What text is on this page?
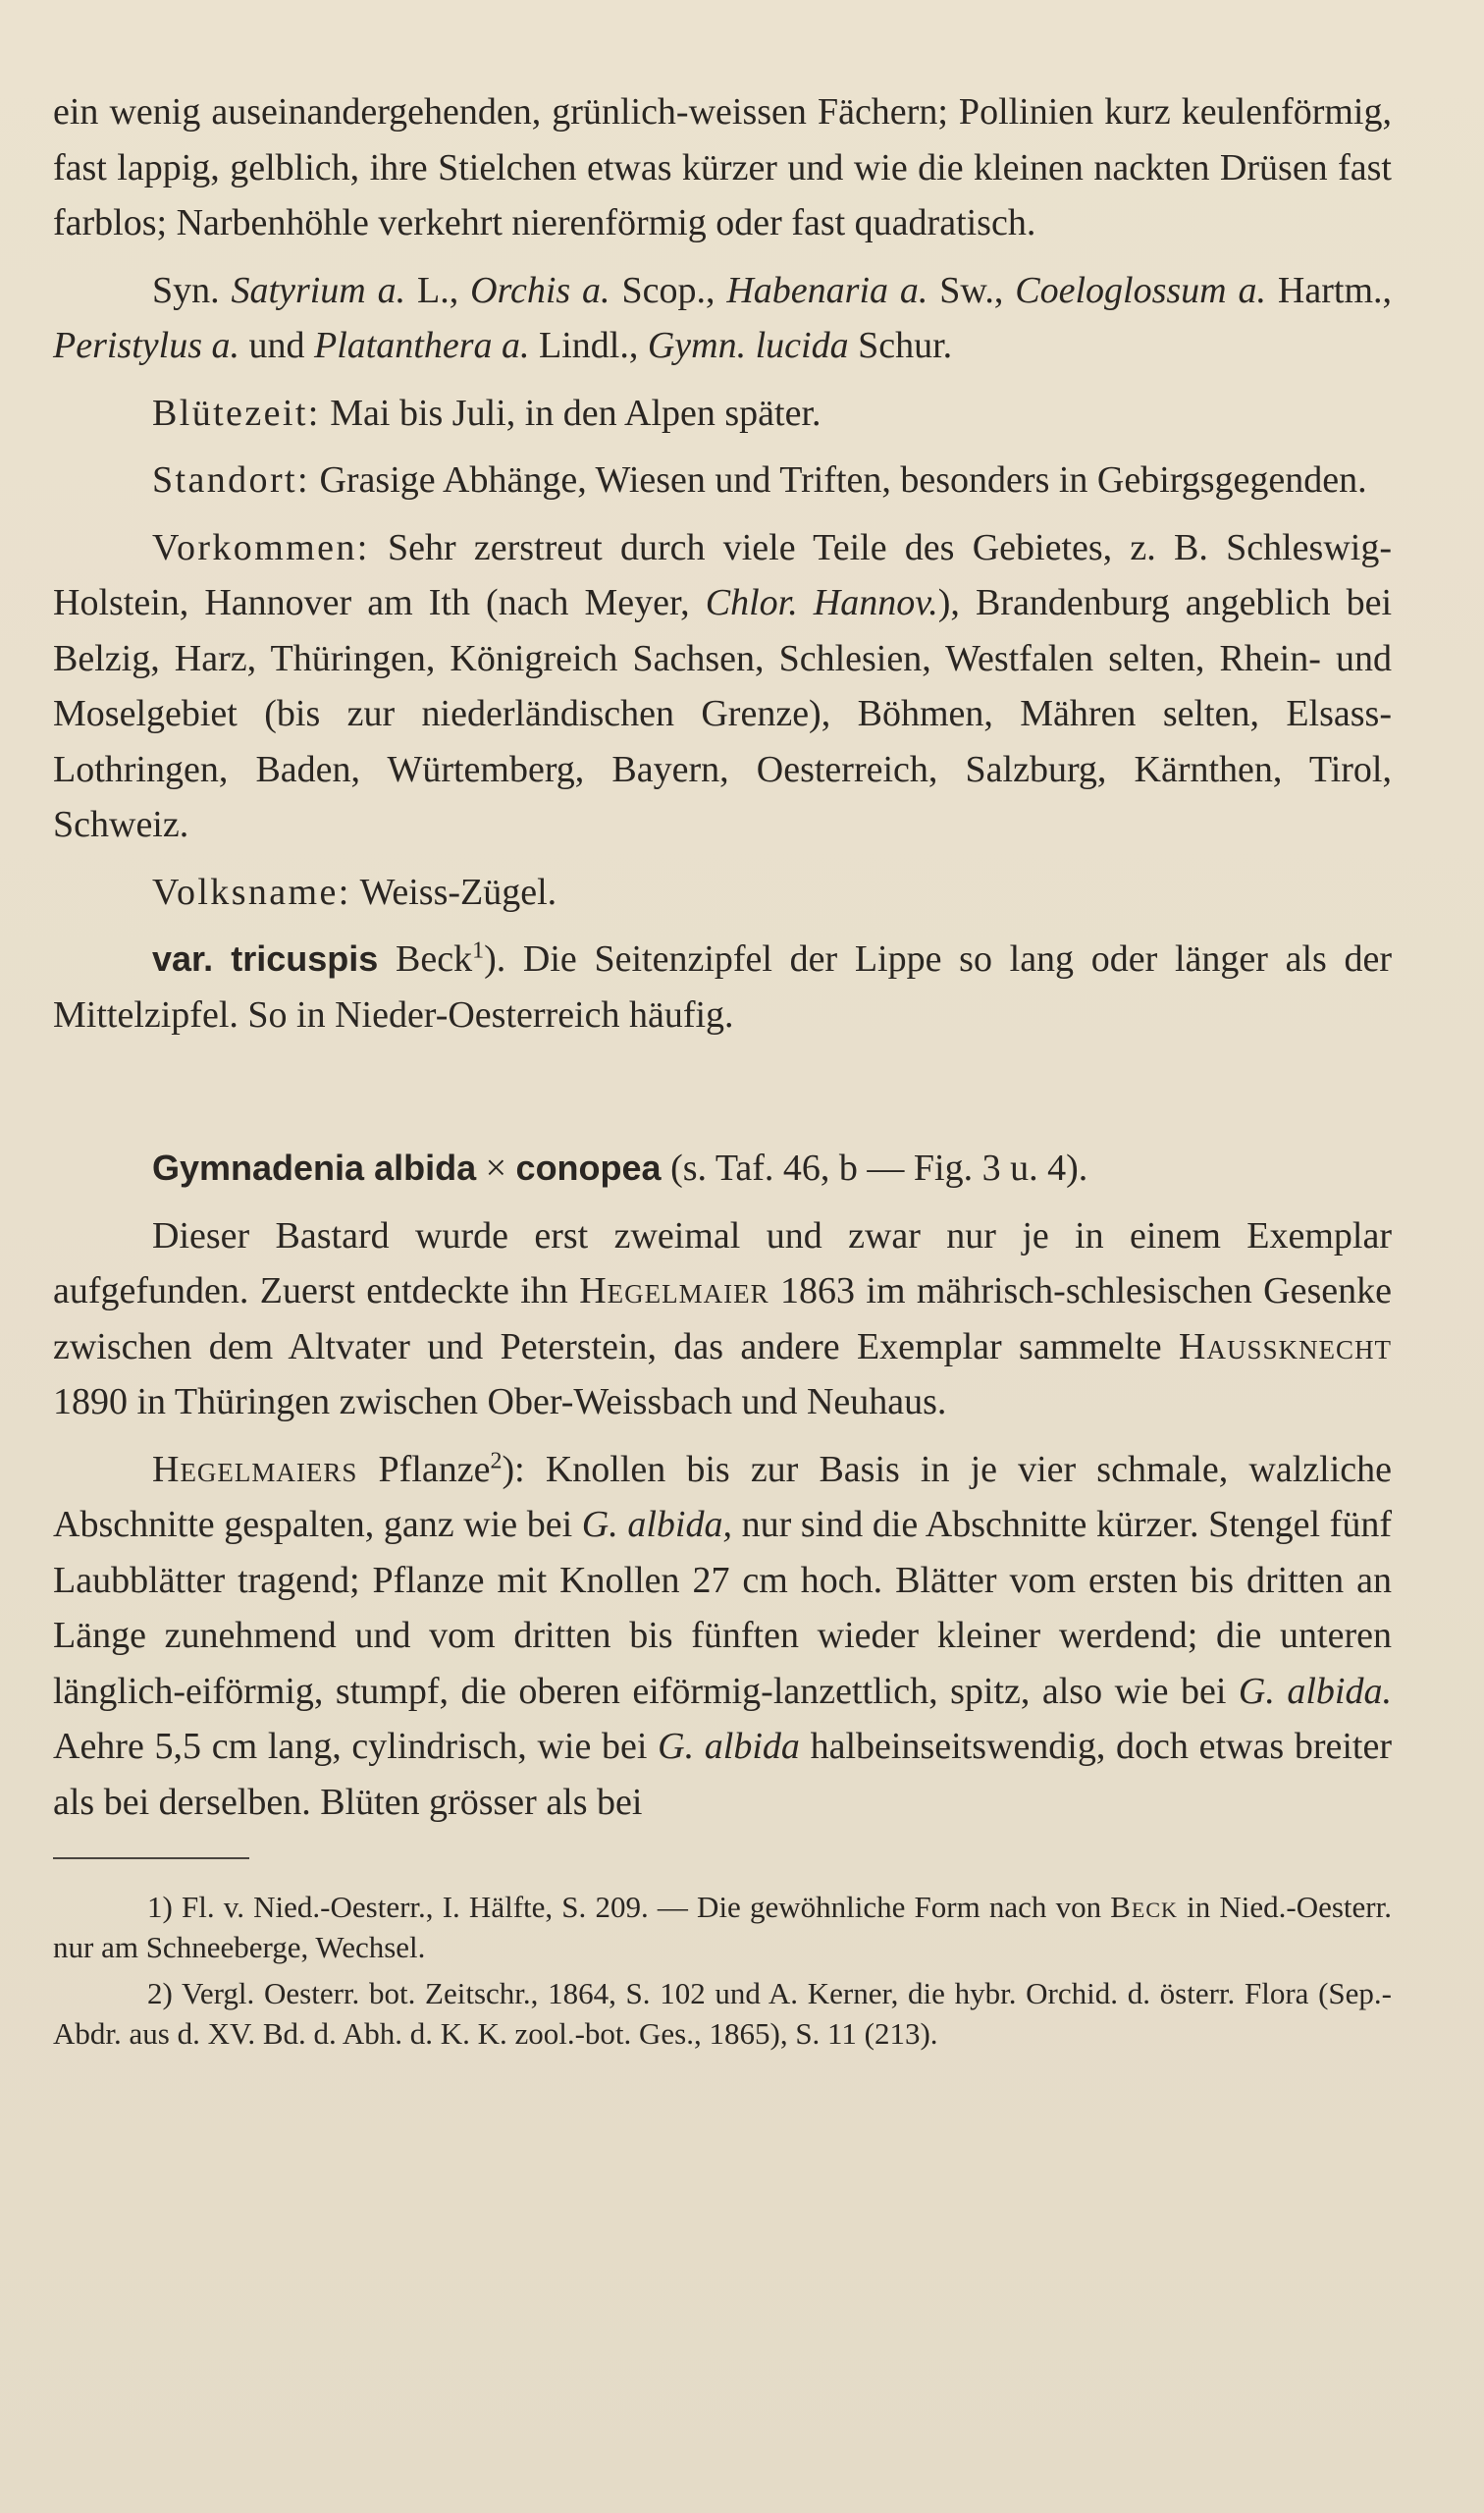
ein wenig auseinandergehenden, grünlich-weissen Fächern; Pollinien kurz keulenförmig, fast lappig, gelblich, ihre Stielchen etwas kürzer und wie die kleinen nackten Drüsen fast farblos; Narbenhöhle verkehrt nierenförmig oder fast quadratisch.

Syn. Satyrium a. L., Orchis a. Scop., Habenaria a. Sw., Coeloglossum a. Hartm., Peristylus a. und Platanthera a. Lindl., Gymn. lucida Schur.

Blütezeit: Mai bis Juli, in den Alpen später.

Standort: Grasige Abhänge, Wiesen und Triften, besonders in Gebirgsgegenden.

Vorkommen: Sehr zerstreut durch viele Teile des Gebietes, z. B. Schleswig-Holstein, Hannover am Ith (nach Meyer, Chlor. Hannov.), Brandenburg angeblich bei Belzig, Harz, Thüringen, Königreich Sachsen, Schlesien, Westfalen selten, Rhein- und Moselgebiet (bis zur niederländischen Grenze), Böhmen, Mähren selten, Elsass-Lothringen, Baden, Würtemberg, Bayern, Oesterreich, Salzburg, Kärnthen, Tirol, Schweiz.

Volksname: Weiss-Zügel.

var. tricuspis Beck$^1$). Die Seitenzipfel der Lippe so lang oder länger als der Mittelzipfel. So in Nieder-Oesterreich häufig.

Gymnadenia albida × conopea (s. Taf. 46, b — Fig. 3 u. 4).

Dieser Bastard wurde erst zweimal und zwar nur je in einem Exemplar aufgefunden. Zuerst entdeckte ihn Hegelmaier 1863 im mährisch-schlesischen Gesenke zwischen dem Altvater und Peterstein, das andere Exemplar sammelte Haussknecht 1890 in Thüringen zwischen Ober-Weissbach und Neuhaus.

Hegelmaiers Pflanze$^2$): Knollen bis zur Basis in je vier schmale, walzliche Abschnitte gespalten, ganz wie bei G. albida, nur sind die Abschnitte kürzer. Stengel fünf Laubblätter tragend; Pflanze mit Knollen 27 cm hoch. Blätter vom ersten bis dritten an Länge zunehmend und vom dritten bis fünften wieder kleiner werdend; die unteren länglich-eiförmig, stumpf, die oberen eiförmig-lanzettlich, spitz, also wie bei G. albida. Aehre 5,5 cm lang, cylindrisch, wie bei G. albida halbeinseitswendig, doch etwas breiter als bei derselben. Blüten grösser als bei

1) Fl. v. Nied.-Oesterr., I. Hälfte, S. 209. — Die gewöhnliche Form nach von Beck in Nied.-Oesterr. nur am Schneeberge, Wechsel.

2) Vergl. Oesterr. bot. Zeitschr., 1864, S. 102 und A. Kerner, die hybr. Orchid. d. österr. Flora (Sep.-Abdr. aus d. XV. Bd. d. Abh. d. K. K. zool.-bot. Ges., 1865), S. 11 (213).
